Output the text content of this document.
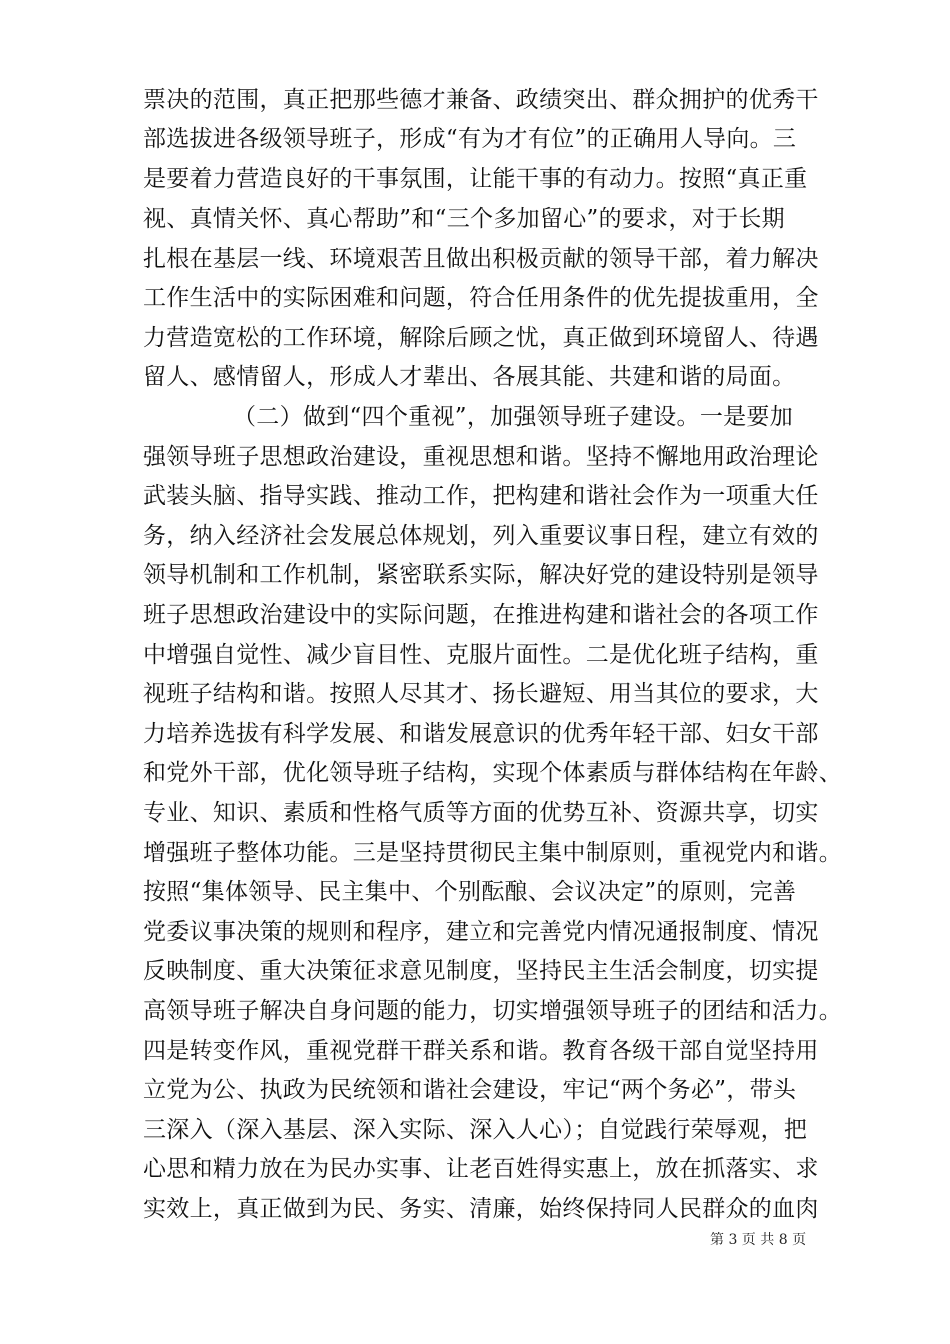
票决的范围，真正把那些德才兼备、政绩突出、群众拥护的优秀干
部选拔进各级领导班子，形成“有为才有位”的正确用人导向。三
是要着力营造良好的干事氛围，让能干事的有动力。按照“真正重
视、真情关怀、真心帮助”和“三个多加留心”的要求，对于长期
扎根在基层一线、环境艰苦且做出积极贡献的领导干部，着力解决
工作生活中的实际困难和问题，符合任用条件的优先提拔重用，全
力营造宽松的工作环境，解除后顾之忧，真正做到环境留人、待遇
留人、感情留人，形成人才辈出、各展其能、共建和谐的局面。
（二）做到“四个重视”，加强领导班子建设。一是要加
强领导班子思想政治建设，重视思想和谐。坚持不懈地用政治理论
武装头脑、指导实践、推动工作，把构建和谐社会作为一项重大任
务，纳入经济社会发展总体规划，列入重要议事日程，建立有效的
领导机制和工作机制，紧密联系实际，解决好党的建设特别是领导
班子思想政治建设中的实际问题，在推进构建和谐社会的各项工作
中增强自觉性、减少盲目性、克服片面性。二是优化班子结构，重
视班子结构和谐。按照人尽其才、扬长避短、用当其位的要求，大
力培养选拔有科学发展、和谐发展意识的优秀年轻干部、妇女干部
和党外干部，优化领导班子结构，实现个体素质与群体结构在年龄、
专业、知识、素质和性格气质等方面的优势互补、资源共享，切实
增强班子整体功能。三是坚持贯彻民主集中制原则，重视党内和谐。
按照“集体领导、民主集中、个别酝酿、会议决定”的原则，完善
党委议事决策的规则和程序，建立和完善党内情况通报制度、情况
反映制度、重大决策征求意见制度，坚持民主生活会制度，切实提
高领导班子解决自身问题的能力，切实增强领导班子的团结和活力。
四是转变作风，重视党群干群关系和谐。教育各级干部自觉坚持用
立党为公、执政为民统领和谐社会建设，牢记“两个务必”，带头
三深入（深入基层、深入实际、深入人心）；自觉践行荣辱观，把
心思和精力放在为民办实事、让老百姓得实惠上，放在抓落实、求
第 3 页 共 8 页
实效上，真正做到为民、务实、清廉，始终保持同人民群众的血肉
